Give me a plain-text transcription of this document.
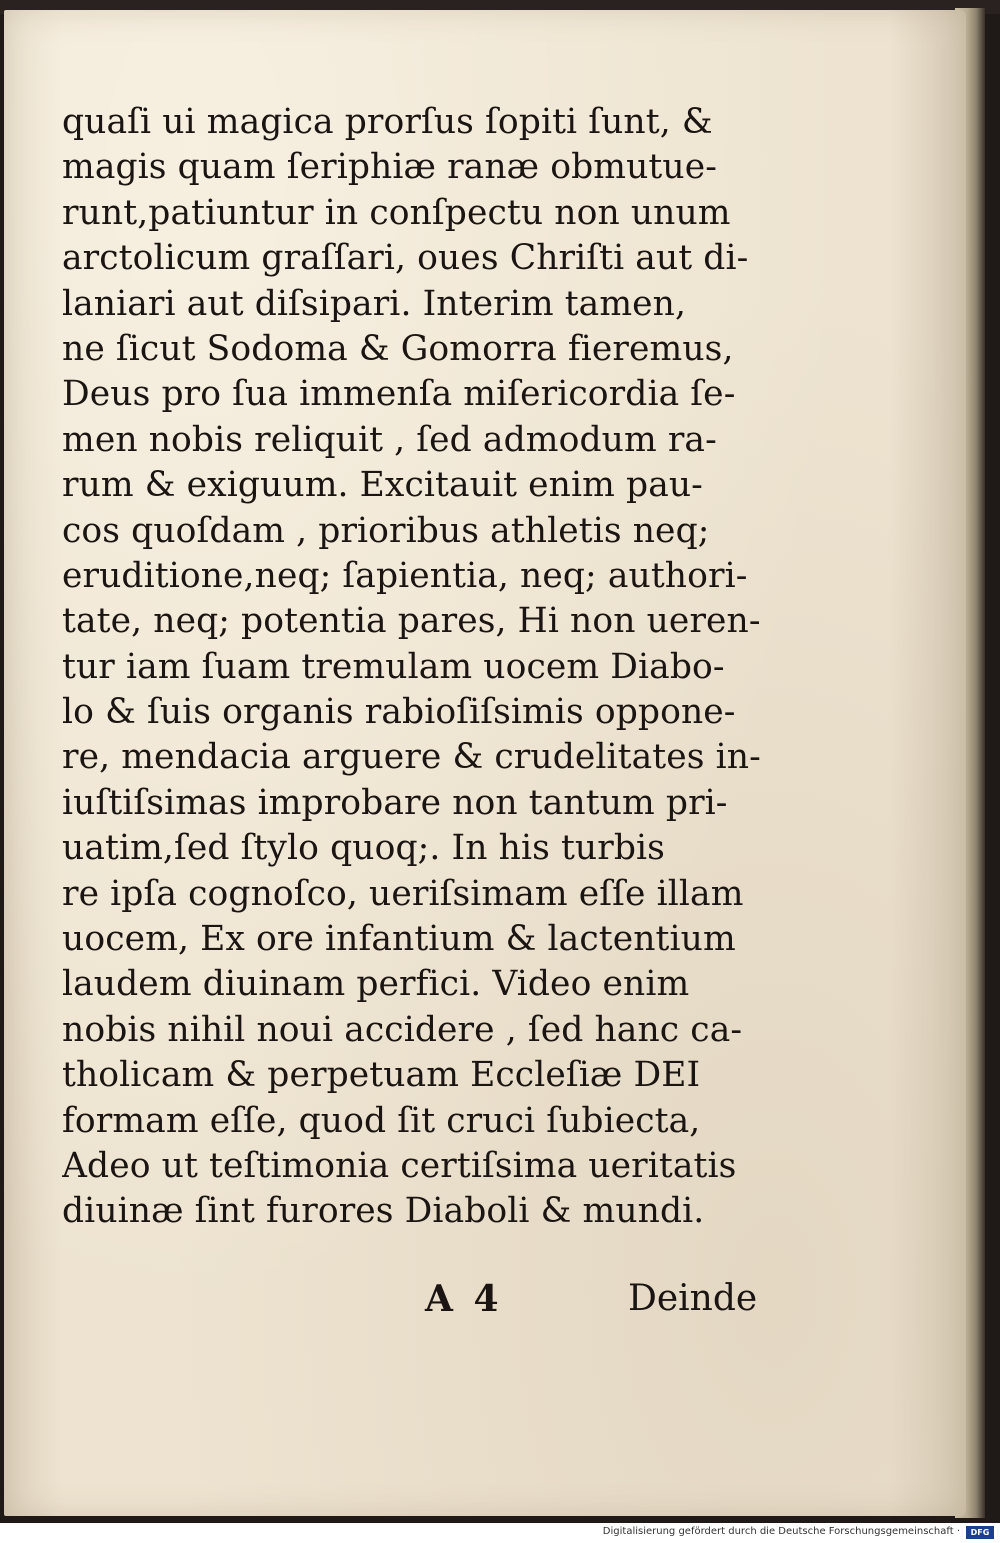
quaſi ui magica prorſus ſopiti ſunt, &
magis quam ſeriphiæ ranæ obmutue-
runt,patiuntur in conſpectu non unum
arctolicum graſſari, oues Chriſti aut di-
laniari aut diſsipari. Interim tamen,
ne ſicut Sodoma & Gomorra fieremus,
Deus pro ſua immenſa miſericordia ſe-
men nobis reliquit , ſed admodum ra-
rum & exiguum. Excitauit enim pau-
cos quoſdam , prioribus athletis neq;
eruditione,neq; ſapientia, neq; authori-
tate, neq; potentia pares, Hi non ueren-
tur iam ſuam tremulam uocem Diabo-
lo & ſuis organis rabioſiſsimis oppone-
re, mendacia arguere & crudelitates in-
iuſtiſsimas improbare non tantum pri-
uatim,ſed ſtylo quoq;. In his turbis
re ipſa cognoſco, ueriſsimam eſſe illam
uocem, Ex ore infantium & lactentium
laudem diuinam perfici. Video enim
nobis nihil noui accidere , ſed hanc ca-
tholicam & perpetuam Eccleſiæ DEI
formam eſſe, quod ſit cruci ſubiecta,
Adeo ut teſtimonia certiſsima ueritatis
diuinæ ſint furores Diaboli & mundi.
A 4	Deinde
Digitalisierung gefördert durch die Deutsche Forschungsgemeinschaft ·	DFG
